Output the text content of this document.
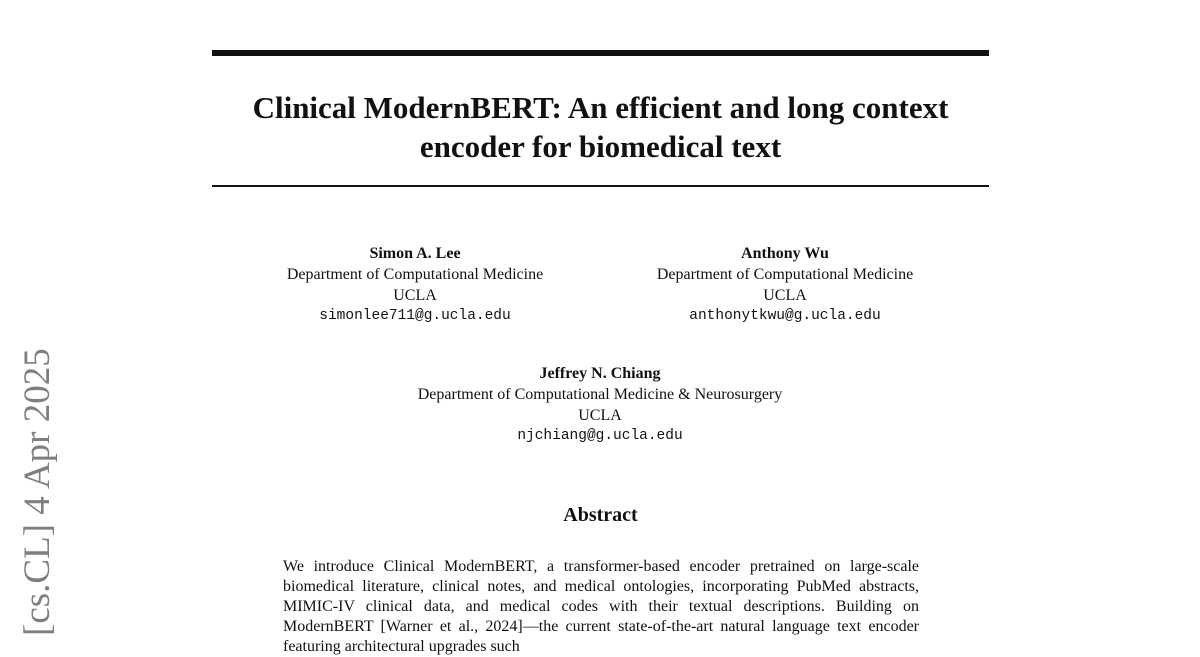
Clinical ModernBERT: An efficient and long context encoder for biomedical text
Simon A. Lee
Department of Computational Medicine
UCLA
simonlee711@g.ucla.edu
Anthony Wu
Department of Computational Medicine
UCLA
anthonytkwu@g.ucla.edu
Jeffrey N. Chiang
Department of Computational Medicine & Neurosurgery
UCLA
njchiang@g.ucla.edu
Abstract

We introduce Clinical ModernBERT, a transformer-based encoder pretrained on large-scale biomedical literature, clinical notes, and medical ontologies, incorporating PubMed abstracts, MIMIC-IV clinical data, and medical codes with their textual descriptions. Building on ModernBERT [Warner et al., 2024]—the current state-of-the-art natural language text encoder featuring architectural upgrades such

[cs.CL] 4 Apr 2025
